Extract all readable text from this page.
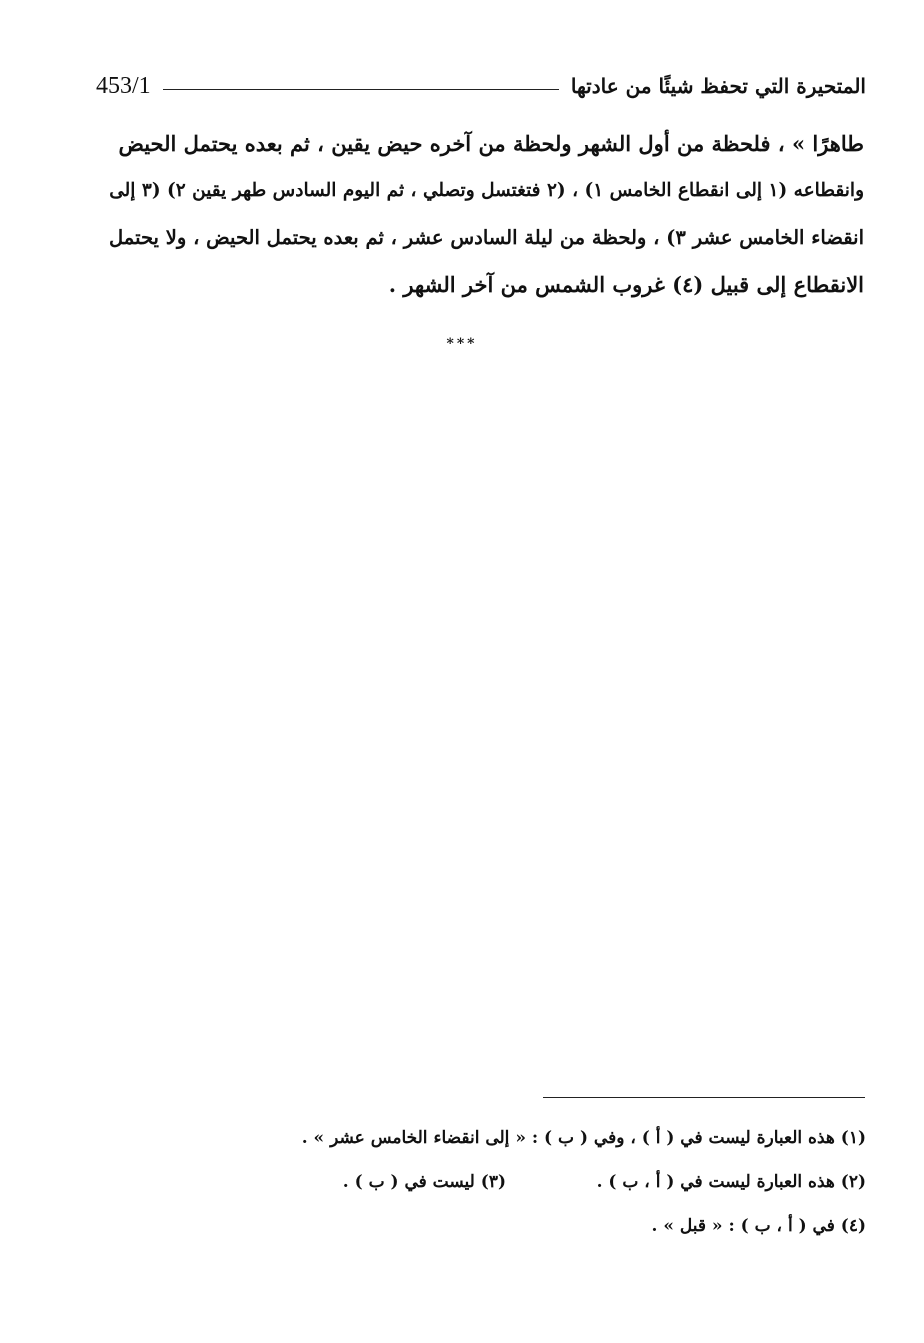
المتحيرة التي تحفظ شيئًا من عادتها
453/1
طاهرًا » ، فلحظة من أول الشهر ولحظة من آخره حيض يقين ، ثم بعده يحتمل الحيض
وانقطاعه (١ إلى انقطاع الخامس ١) ، (٢ فتغتسل وتصلي ، ثم اليوم السادس طهر يقين ٢) (٣ إلى
انقضاء الخامس عشر ٣) ، ولحظة من ليلة السادس عشر ، ثم بعده يحتمل الحيض ، ولا يحتمل
الانقطاع إلى قبيل (٤) غروب الشمس من آخر الشهر .
***
(١) هذه العبارة ليست في ( أ ) ، وفي ( ب ) : « إلى انقضاء الخامس عشر » .
(٢) هذه العبارة ليست في ( أ ، ب ) .
(٣) ليست في ( ب ) .
(٤) في ( أ ، ب ) : « قبل » .
